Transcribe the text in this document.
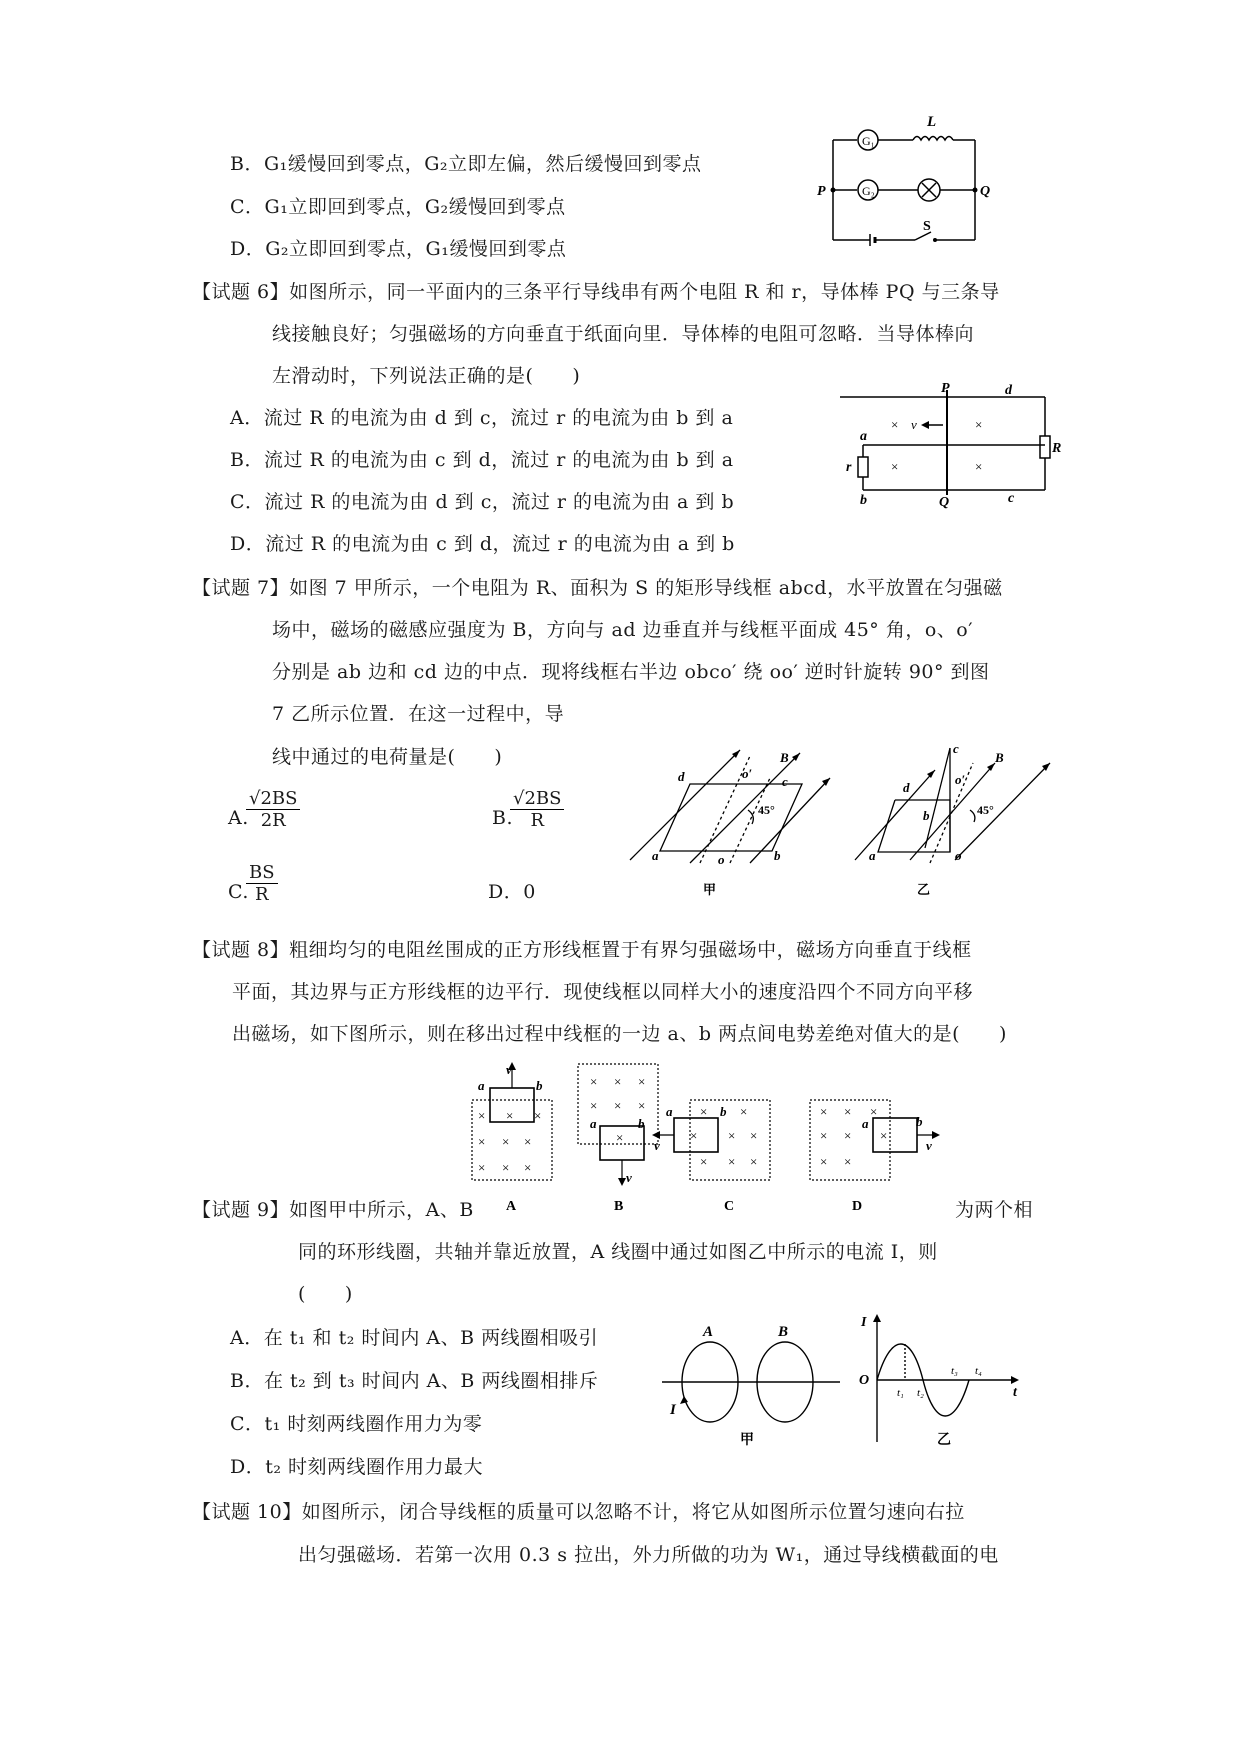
B．G₁缓慢回到零点，G₂立即左偏，然后缓慢回到零点
C．G₁立即回到零点，G₂缓慢回到零点
D．G₂立即回到零点，G₁缓慢回到零点
G₁
G₂
L
P	Q
S
【试题 6】如图所示，同一平面内的三条平行导线串有两个电阻 R 和 r，导体棒 PQ 与三条导
线接触良好；匀强磁场的方向垂直于纸面向里．导体棒的电阻可忽略．当导体棒向
左滑动时，下列说法正确的是(　　)
A．流过 R 的电流为由 d 到 c，流过 r 的电流为由 b 到 a
B．流过 R 的电流为由 c 到 d，流过 r 的电流为由 b 到 a
C．流过 R 的电流为由 d 到 c，流过 r 的电流为由 a 到 b
D．流过 R 的电流为由 c 到 d，流过 r 的电流为由 a 到 b
P	d
v
×	×
×	×
R
a
r
b	Q	c
【试题 7】如图 7 甲所示，一个电阻为 R、面积为 S 的矩形导线框 abcd，水平放置在匀强磁
场中，磁场的磁感应强度为 B，方向与 ad 边垂直并与线框平面成 45° 角，o、o′
分别是 ab 边和 cd 边的中点．现将线框右半边 obco′ 绕 oo′ 逆时针旋转 90° 到图
7 乙所示位置．在这一过程中，导
线中通过的电荷量是(　　)
A.
$\frac{√2BS}{2R}$	B.
$\frac{√2BS}{R}$
C.
$\frac{BS}{R}$	D．0
d	o′
B
c
45°
a	o	b
甲
c
o′
B
d
b	45°
a	o
乙
【试题 8】粗细均匀的电阻丝围成的正方形线框置于有界匀强磁场中，磁场方向垂直于线框
平面，其边界与正方形线框的边平行．现使线框以同样大小的速度沿四个不同方向平移
出磁场，如下图所示，则在移出过程中线框的一边 a、b 两点间电势差绝对值大的是(　　)
v
a	b
× × ×
× × ×
× × ×
A
× × ×
× × ×
a
×
b
v
B
a	b
v
×	×
× × ×
× × ×
C
× × ×
× × ×
× ×
a	b
v
D
【试题 9】如图甲中所示，A、B	为两个相
同的环形线圈，共轴并靠近放置，A 线圈中通过如图乙中所示的电流 I，则
(　　)
A．在 t₁ 和 t₂ 时间内 A、B 两线圈相吸引
B．在 t₂ 到 t₃ 时间内 A、B 两线圈相排斥
C．t₁ 时刻两线圈作用力为零
D．t₂ 时刻两线圈作用力最大
A	B
I
甲
I
O
t₁ t₂
t₃ t₄
t
乙
【试题 10】如图所示，闭合导线框的质量可以忽略不计，将它从如图所示位置匀速向右拉
出匀强磁场．若第一次用 0.3 s 拉出，外力所做的功为 W₁，通过导线横截面的电
